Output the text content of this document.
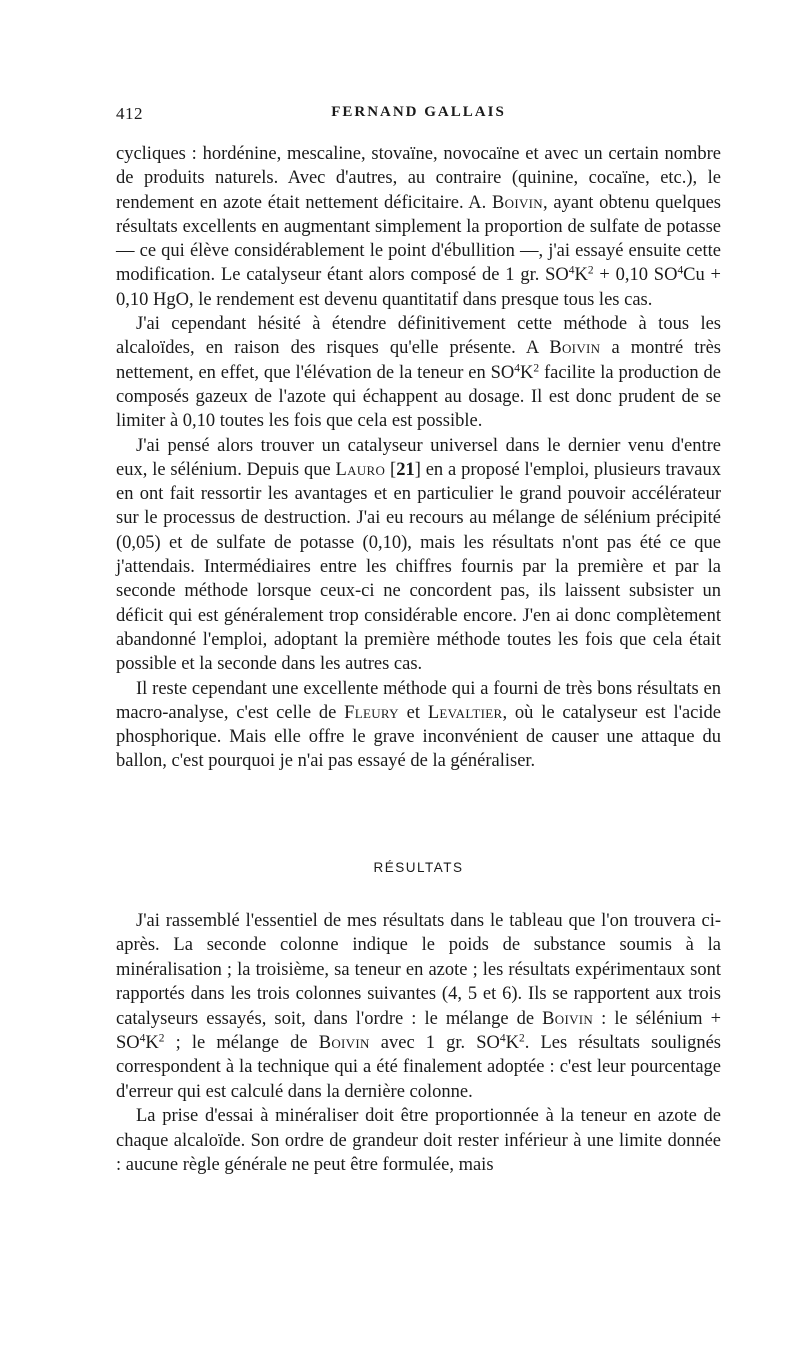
412	FERNAND GALLAIS

cycliques : hordénine, mescaline, stovaïne, novocaïne et avec un certain nombre de produits naturels. Avec d'autres, au contraire (quinine, cocaïne, etc.), le rendement en azote était nettement déficitaire. A. Boivin, ayant obtenu quelques résultats excellents en augmentant simplement la proportion de sulfate de potasse — ce qui élève considérablement le point d'ébullition —, j'ai essayé ensuite cette modification. Le catalyseur étant alors composé de 1 gr. $SO^4K^2 + 0,10$ $SO^4Cu + 0,10$ HgO, le rendement est devenu quantitatif dans presque tous les cas.

J'ai cependant hésité à étendre définitivement cette méthode à tous les alcaloïdes, en raison des risques qu'elle présente. A Boivin a montré très nettement, en effet, que l'élévation de la teneur en $SO^4K^2$ facilite la production de composés gazeux de l'azote qui échappent au dosage. Il est donc prudent de se limiter à 0,10 toutes les fois que cela est possible.

J'ai pensé alors trouver un catalyseur universel dans le dernier venu d'entre eux, le sélénium. Depuis que Lauro [21] en a proposé l'emploi, plusieurs travaux en ont fait ressortir les avantages et en particulier le grand pouvoir accélérateur sur le processus de destruction. J'ai eu recours au mélange de sélénium précipité (0,05) et de sulfate de potasse (0,10), mais les résultats n'ont pas été ce que j'attendais. Intermédiaires entre les chiffres fournis par la première et par la seconde méthode lorsque ceux-ci ne concordent pas, ils laissent subsister un déficit qui est généralement trop considérable encore. J'en ai donc complètement abandonné l'emploi, adoptant la première méthode toutes les fois que cela était possible et la seconde dans les autres cas.

Il reste cependant une excellente méthode qui a fourni de très bons résultats en macro-analyse, c'est celle de Fleury et Levaltier, où le catalyseur est l'acide phosphorique. Mais elle offre le grave inconvénient de causer une attaque du ballon, c'est pourquoi je n'ai pas essayé de la généraliser.

RÉSULTATS

J'ai rassemblé l'essentiel de mes résultats dans le tableau que l'on trouvera ci-après. La seconde colonne indique le poids de substance soumis à la minéralisation ; la troisième, sa teneur en azote ; les résultats expérimentaux sont rapportés dans les trois colonnes suivantes (4, 5 et 6). Ils se rapportent aux trois catalyseurs essayés, soit, dans l'ordre : le mélange de Boivin : le sélénium + $SO^4K^2$ ; le mélange de Boivin avec 1 gr. $SO^4K^2$. Les résultats soulignés correspondent à la technique qui a été finalement adoptée : c'est leur pourcentage d'erreur qui est calculé dans la dernière colonne.

La prise d'essai à minéraliser doit être proportionnée à la teneur en azote de chaque alcaloïde. Son ordre de grandeur doit rester inférieur à une limite donnée : aucune règle générale ne peut être formulée, mais
